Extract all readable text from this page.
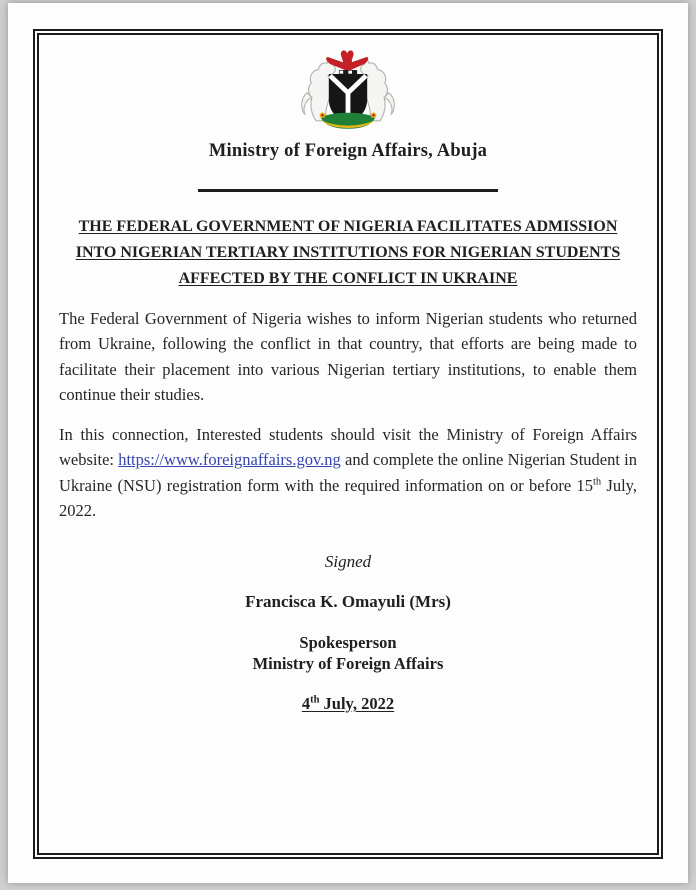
Ministry of Foreign Affairs, Abuja
THE FEDERAL GOVERNMENT OF NIGERIA FACILITATES ADMISSION
INTO NIGERIAN TERTIARY INSTITUTIONS FOR NIGERIAN STUDENTS
AFFECTED BY THE CONFLICT IN UKRAINE

The Federal Government of Nigeria wishes to inform Nigerian students who returned from Ukraine, following the conflict in that country, that efforts are being made to facilitate their placement into various Nigerian tertiary institutions, to enable them continue their studies.

In this connection, Interested students should visit the Ministry of Foreign Affairs website: https://www.foreignaffairs.gov.ng and complete the online Nigerian Student in Ukraine (NSU) registration form with the required information on or before 15th July, 2022.

Signed
Francisca K. Omayuli (Mrs)
Spokesperson
Ministry of Foreign Affairs
4th July, 2022
